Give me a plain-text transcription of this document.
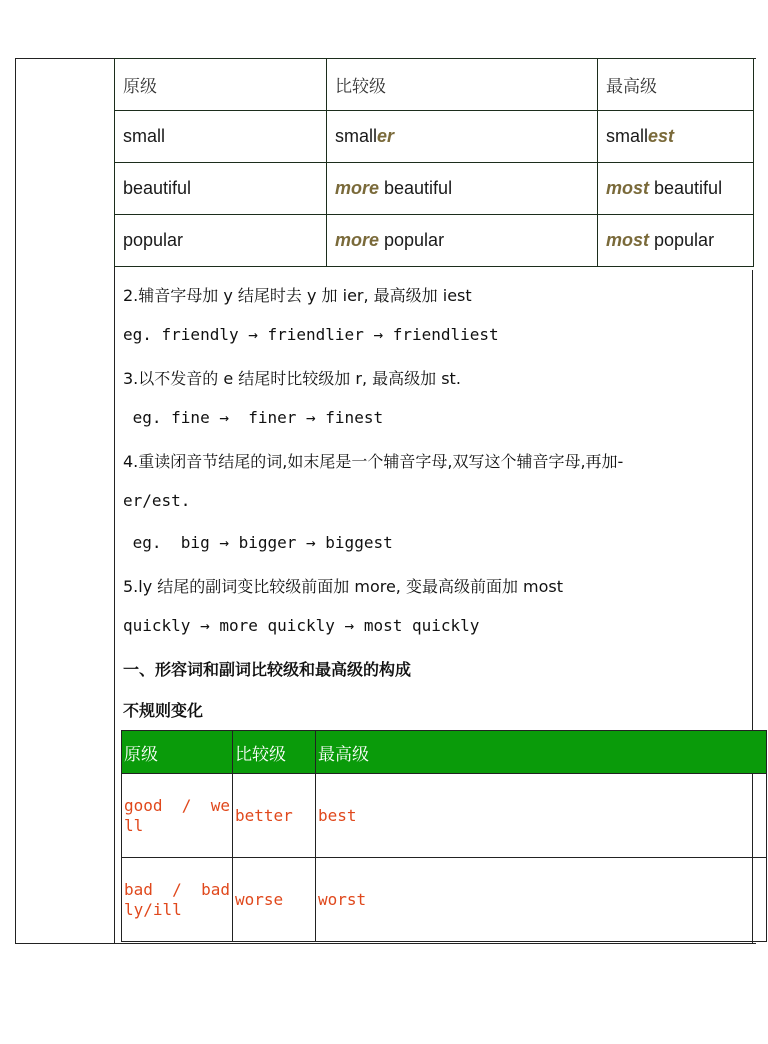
原级	比较级	最高级
small	smaller	smallest
beautiful	more beautiful	most beautiful
popular	more popular	most popular
2.辅音字母加 y 结尾时去 y 加 ier, 最高级加 iest
eg. friendly → friendlier → friendliest
3.以不发音的 e 结尾时比较级加 r, 最高级加 st.
eg. fine →  finer → finest
4.重读闭音节结尾的词,如末尾是一个辅音字母,双写这个辅音字母,再加-
er/est.
eg.  big → bigger → biggest
5.ly 结尾的副词变比较级前面加 more, 变最高级前面加 most
quickly → more quickly → most quickly
一、形容词和副词比较级和最高级的构成
不规则变化
原级	比较级	最高级

good  /  we
ll	better	best

bad  /  bad
ly/ill	worse	worst
